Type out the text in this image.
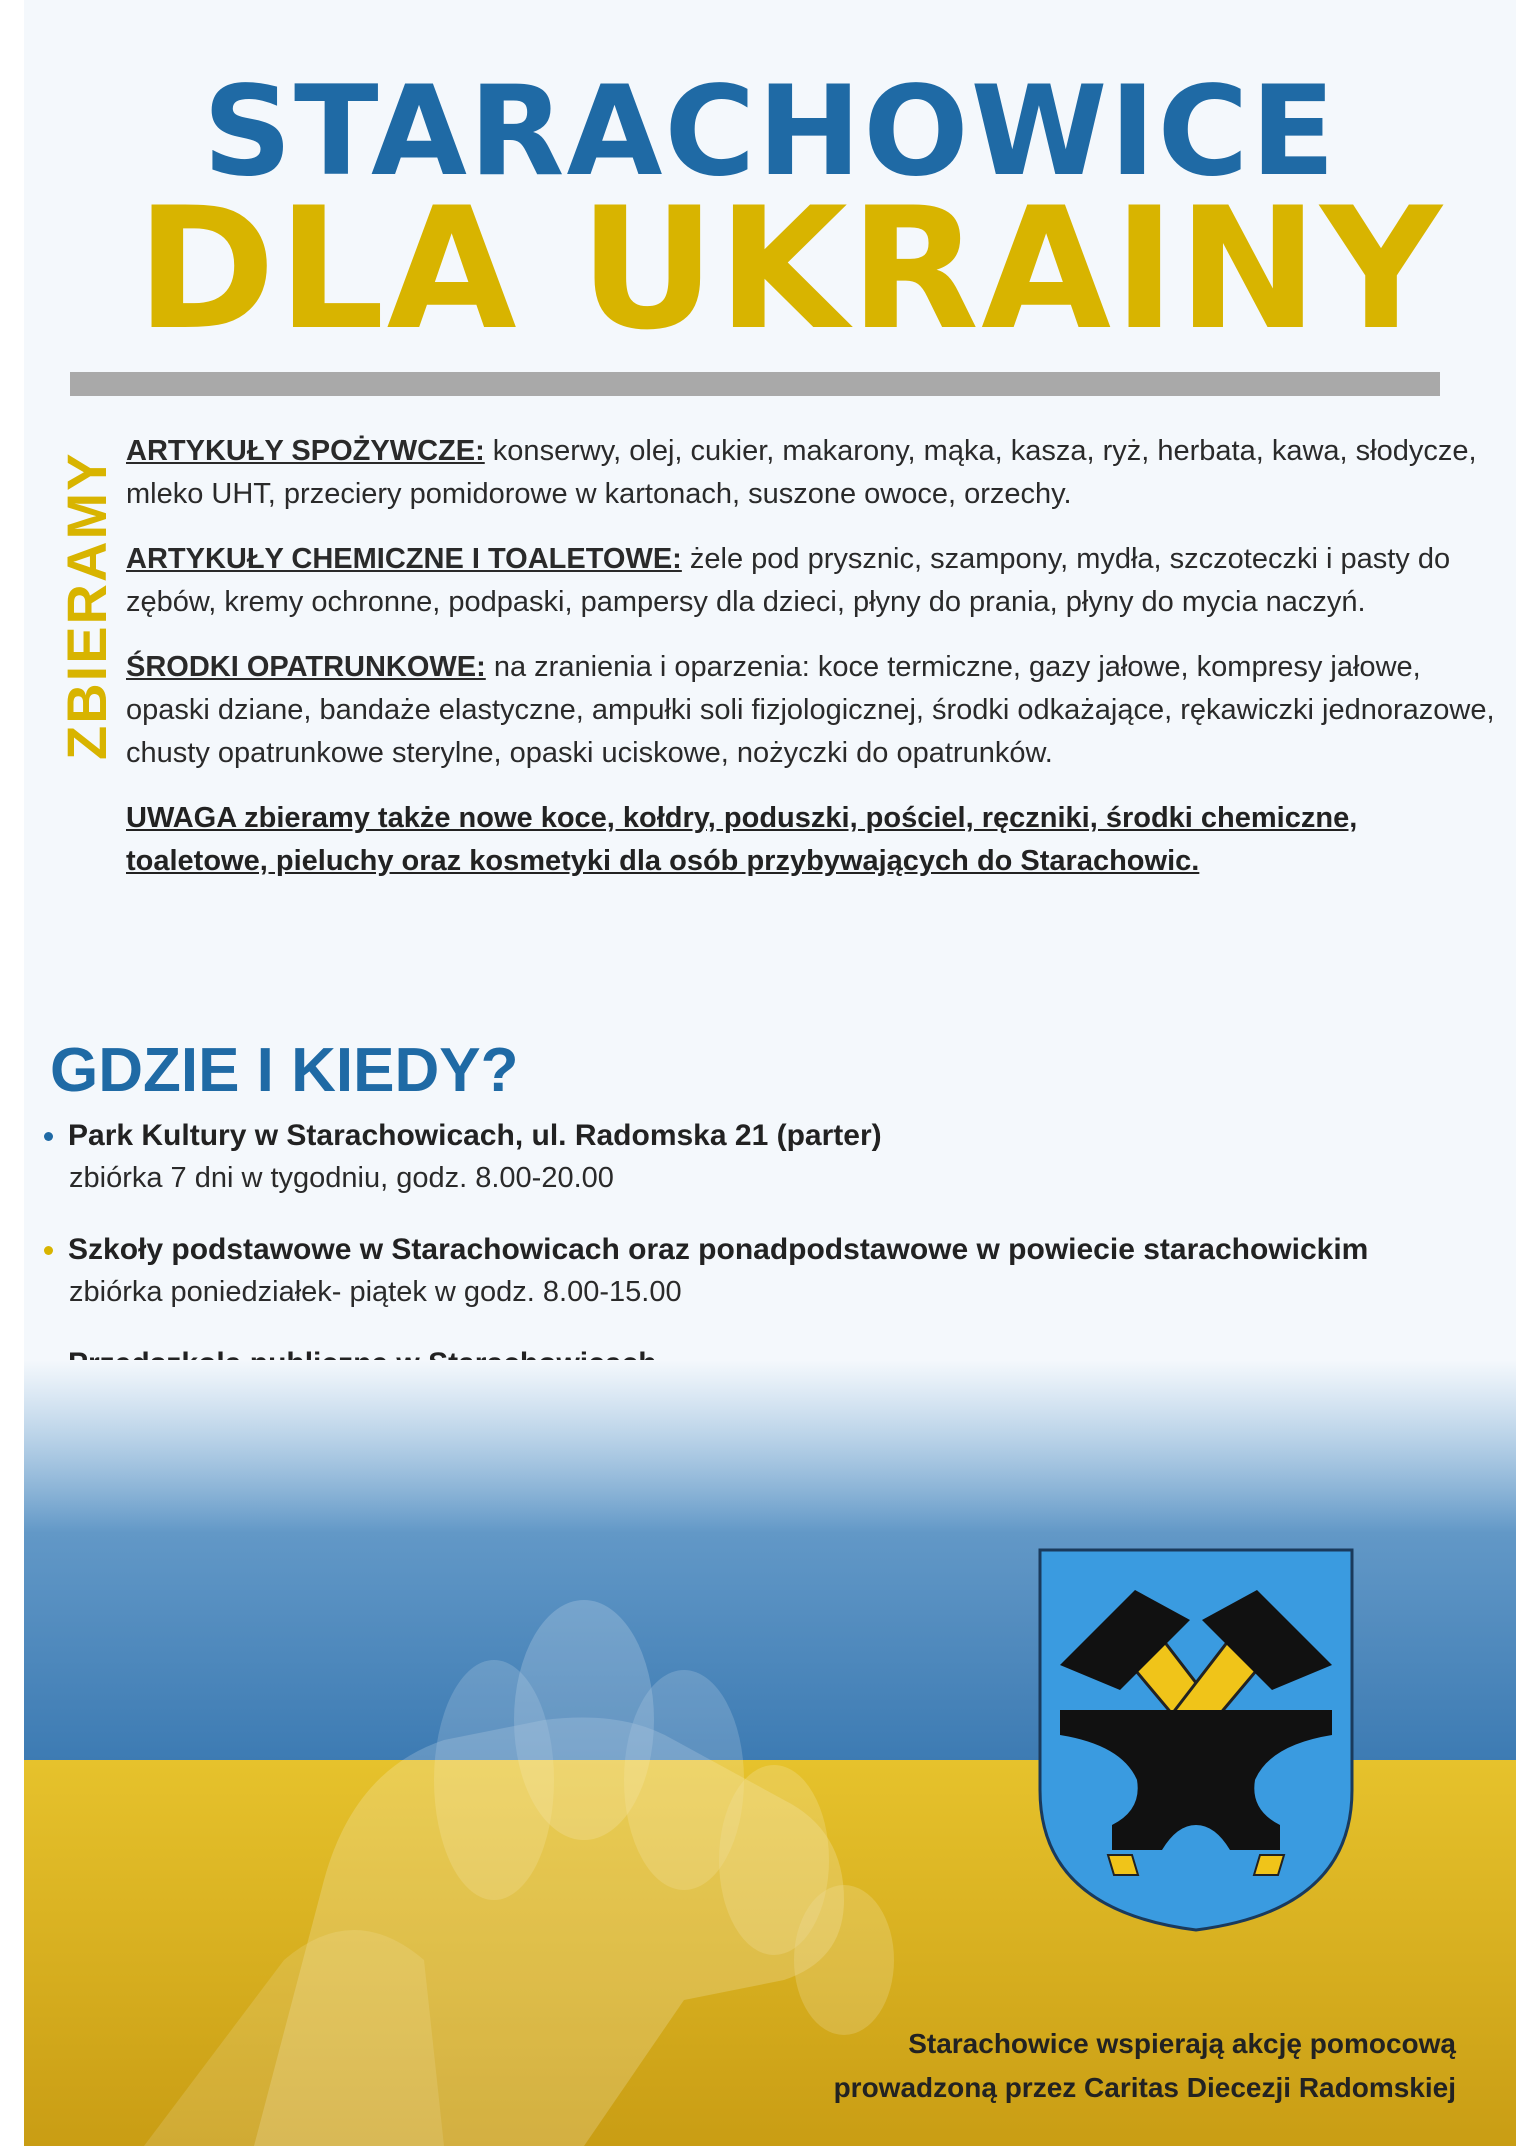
STARACHOWICE
DLA UKRAINY
ZBIERAMY

ARTYKUŁY SPOŻYWCZE: konserwy, olej, cukier, makarony, mąka, kasza, ryż, herbata, kawa, słodycze, mleko UHT, przeciery pomidorowe w kartonach, suszone owoce, orzechy.

ARTYKUŁY CHEMICZNE I TOALETOWE: żele pod prysznic, szampony, mydła, szczoteczki i pasty do zębów, kremy ochronne, podpaski, pampersy dla dzieci, płyny do prania, płyny do mycia naczyń.

ŚRODKI OPATRUNKOWE: na zranienia i oparzenia: koce termiczne, gazy jałowe, kompresy jałowe, opaski dziane, bandaże elastyczne, ampułki soli fizjologicznej, środki odkażające, rękawiczki jednorazowe, chusty opatrunkowe sterylne, opaski uciskowe, nożyczki do opatrunków.

UWAGA zbieramy także nowe koce, kołdry, poduszki, pościel, ręczniki, środki chemiczne, toaletowe, pieluchy oraz kosmetyki dla osób przybywających do Starachowic.
GDZIE I KIEDY?
Park Kultury w Starachowicach, ul. Radomska 21 (parter)
zbiórka 7 dni w tygodniu, godz. 8.00-20.00
Szkoły podstawowe w Starachowicach oraz ponadpodstawowe w powiecie starachowickim
zbiórka poniedziałek- piątek w godz. 8.00-15.00
Starachowice wspierają akcję pomocową
prowadzoną przez Caritas Diecezji Radomskiej
